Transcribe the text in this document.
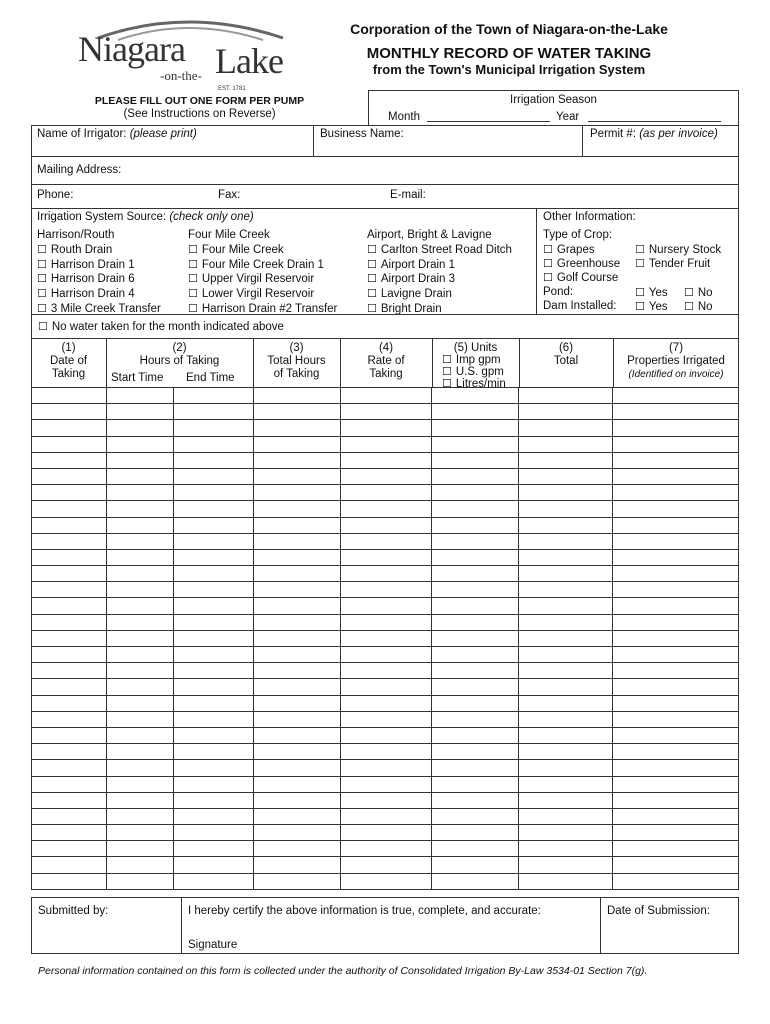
Niagara Lake
-on-the-
EST. 1781
Corporation of the Town of Niagara-on-the-Lake
MONTHLY RECORD OF WATER TAKING
from the Town's Municipal Irrigation System
PLEASE FILL OUT ONE FORM PER PUMP
(See Instructions on Reverse)
Irrigation Season
Month	Year
Name of Irrigator: (please print)	Business Name:	Permit #: (as per invoice)
Mailing Address:
Phone:	Fax:	E-mail:
Irrigation System Source: (check only one)
Harrison/Routh
☐ Routh Drain
☐ Harrison Drain 1
☐ Harrison Drain 6
☐ Harrison Drain 4
☐ 3 Mile Creek Transfer
Four Mile Creek
☐ Four Mile Creek
☐ Four Mile Creek Drain 1
☐ Upper Virgil Reservoir
☐ Lower Virgil Reservoir
☐ Harrison Drain #2 Transfer
Airport, Bright & Lavigne
☐ Carlton Street Road Ditch
☐ Airport Drain 1
☐ Airport Drain 3
☐ Lavigne Drain
☐ Bright Drain
Other Information:
Type of Crop:
☐ Grapes	☐ Nursery Stock
☐ Greenhouse	☐ Tender Fruit
☐ Golf Course
Pond:	☐ Yes	☐ No
Dam Installed:	☐ Yes	☐ No
☐ No water taken for the month indicated above
(1)
Date of
Taking
(2)
Hours of Taking
Start Time End Time
(3)
Total Hours
of Taking
(4)
Rate of
Taking
(5) Units
☐ Imp gpm
☐ U.S. gpm
☐ Litres/min
(6)
Total
(7)
Properties Irrigated
(Identified on invoice)

Submitted by:	I hereby certify the above information is true, complete, and accurate:
Signature
Date of Submission:
Personal information contained on this form is collected under the authority of Consolidated Irrigation By-Law 3534-01 Section 7(g).
